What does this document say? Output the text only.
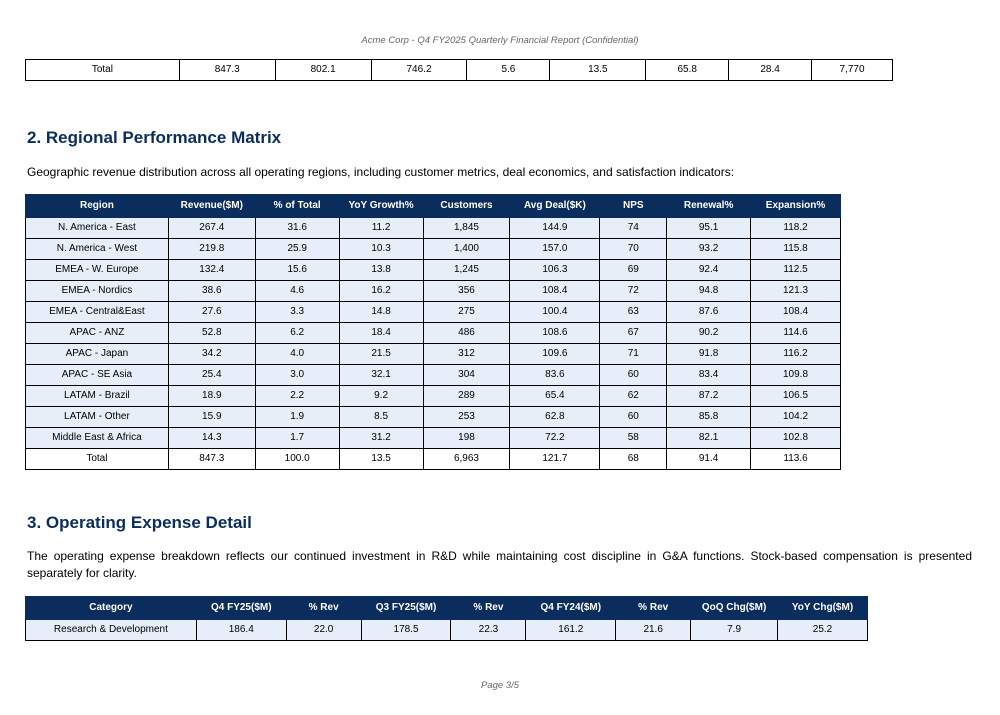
Acme Corp - Q4 FY2025 Quarterly Financial Report (Confidential)
Total	847.3	802.1	746.2	5.6	13.5	65.8	28.4	7,770
2. Regional Performance Matrix
Geographic revenue distribution across all operating regions, including customer metrics, deal economics, and satisfaction indicators:
Region	Revenue($M)	% of Total	YoY Growth%	Customers	Avg Deal($K)	NPS	Renewal%	Expansion%
N. America - East	267.4	31.6	11.2	1,845	144.9	74	95.1	118.2
N. America - West	219.8	25.9	10.3	1,400	157.0	70	93.2	115.8
EMEA - W. Europe	132.4	15.6	13.8	1,245	106.3	69	92.4	112.5
EMEA - Nordics	38.6	4.6	16.2	356	108.4	72	94.8	121.3
EMEA - Central&East	27.6	3.3	14.8	275	100.4	63	87.6	108.4
APAC - ANZ	52.8	6.2	18.4	486	108.6	67	90.2	114.6
APAC - Japan	34.2	4.0	21.5	312	109.6	71	91.8	116.2
APAC - SE Asia	25.4	3.0	32.1	304	83.6	60	83.4	109.8
LATAM - Brazil	18.9	2.2	9.2	289	65.4	62	87.2	106.5
LATAM - Other	15.9	1.9	8.5	253	62.8	60	85.8	104.2
Middle East & Africa	14.3	1.7	31.2	198	72.2	58	82.1	102.8
Total	847.3	100.0	13.5	6,963	121.7	68	91.4	113.6
3. Operating Expense Detail
The operating expense breakdown reflects our continued investment in R&D while maintaining cost discipline in G&A functions. Stock-based compensation is presented separately for clarity.
Category	Q4 FY25($M)	% Rev	Q3 FY25($M)	% Rev	Q4 FY24($M)	% Rev	QoQ Chg($M)	YoY Chg($M)
Research & Development	186.4	22.0	178.5	22.3	161.2	21.6	7.9	25.2
Page 3/5
